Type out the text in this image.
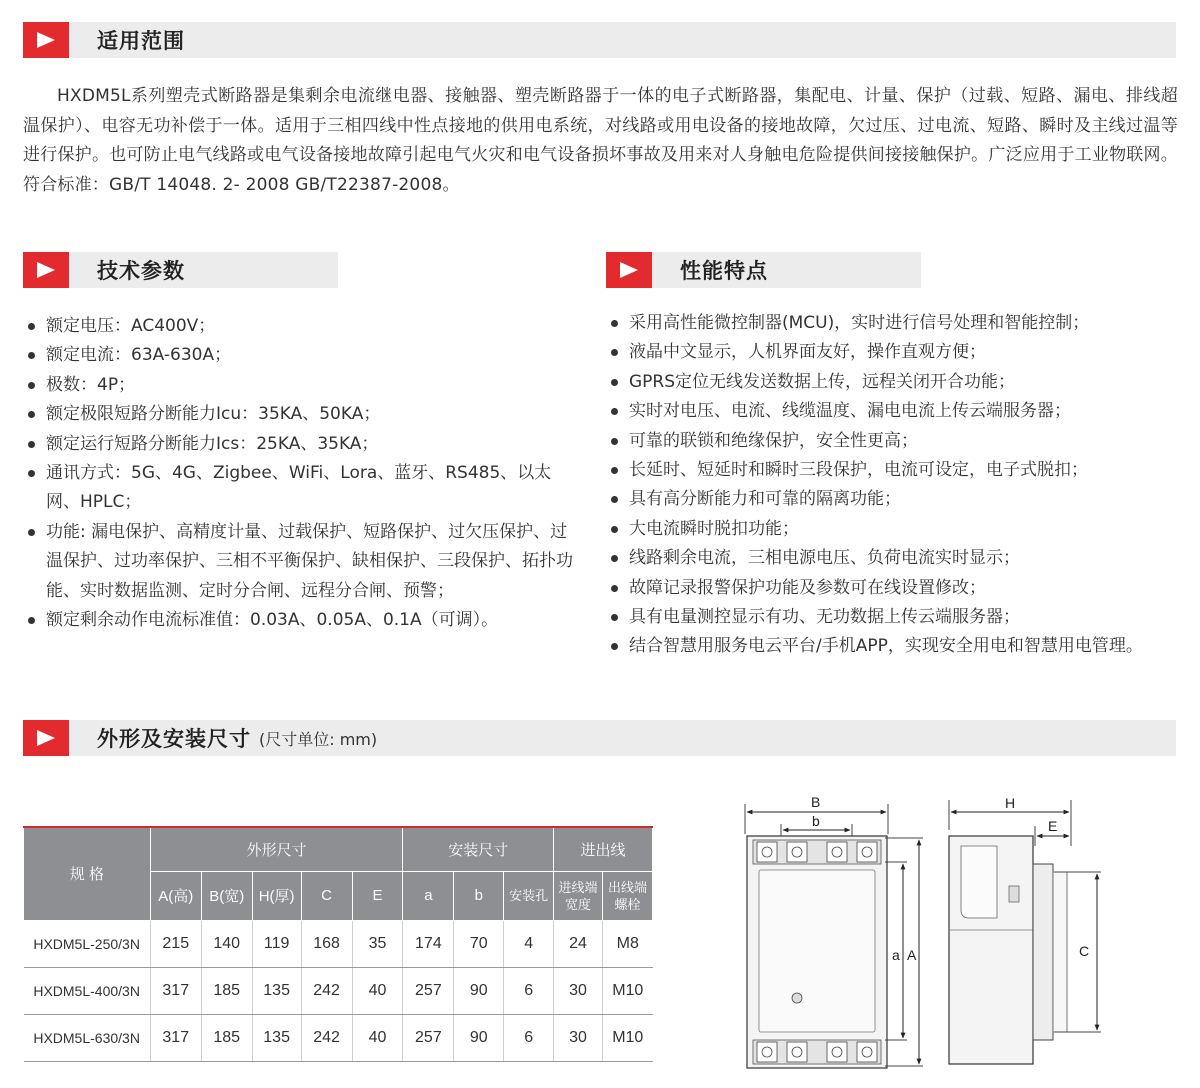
适用范围

HXDM5L系列塑壳式断路器是集剩余电流继电器、接触器、塑壳断路器于一体的电子式断路器，集配电、计量、保护（过载、短路、漏电、排线超温保护）、电容无功补偿于一体。适用于三相四线中性点接地的供用电系统，对线路或用电设备的接地故障，欠过压、过电流、短路、瞬时及主线过温等进行保护。也可防止电气线路或电气设备接地故障引起电气火灾和电气设备损坏事故及用来对人身触电危险提供间接接触保护。广泛应用于工业物联网。符合标准：GB/T 14048. 2- 2008 GB/T22387-2008。

技术参数
额定电压：AC400V；
额定电流：63A-630A；
极数：4P；
额定极限短路分断能力Icu：35KA、50KA；
额定运行短路分断能力Ics：25KA、35KA；
通讯方式：5G、4G、Zigbee、WiFi、Lora、蓝牙、RS485、以太网、HPLC；
功能: 漏电保护、高精度计量、过载保护、短路保护、过欠压保护、过温保护、过功率保护、三相不平衡保护、缺相保护、三段保护、拓扑功能、实时数据监测、定时分合闸、远程分合闸、预警；
额定剩余动作电流标准值：0.03A、0.05A、0.1A（可调）。
性能特点
采用高性能微控制器(MCU)，实时进行信号处理和智能控制；
液晶中文显示，人机界面友好，操作直观方便；
GPRS定位无线发送数据上传，远程关闭开合功能；
实时对电压、电流、线缆温度、漏电电流上传云端服务器；
可靠的联锁和绝缘保护，安全性更高；
长延时、短延时和瞬时三段保护，电流可设定，电子式脱扣；
具有高分断能力和可靠的隔离功能；
大电流瞬时脱扣功能；
线路剩余电流，三相电源电压、负荷电流实时显示；
故障记录报警保护功能及参数可在线设置修改；
具有电量测控显示有功、无功数据上传云端服务器；
结合智慧用服务电云平台/手机APP，实现安全用电和智慧用电管理。
外形及安装尺寸 (尺寸单位: mm)
规 格	外形尺寸					安装尺寸			进出线	
	A(高)	B(宽)	H(厚)	C	E	a	b	安装孔	进线端宽度	出线端螺栓
HXDM5L-250/3N	215	140	119	168	35	174	70	4	24	M8
HXDM5L-400/3N	317	185	135	242	40	257	90	6	30	M10
HXDM5L-630/3N	317	185	135	242	40	257	90	6	30	M10
B
b
a A
H
E
C
